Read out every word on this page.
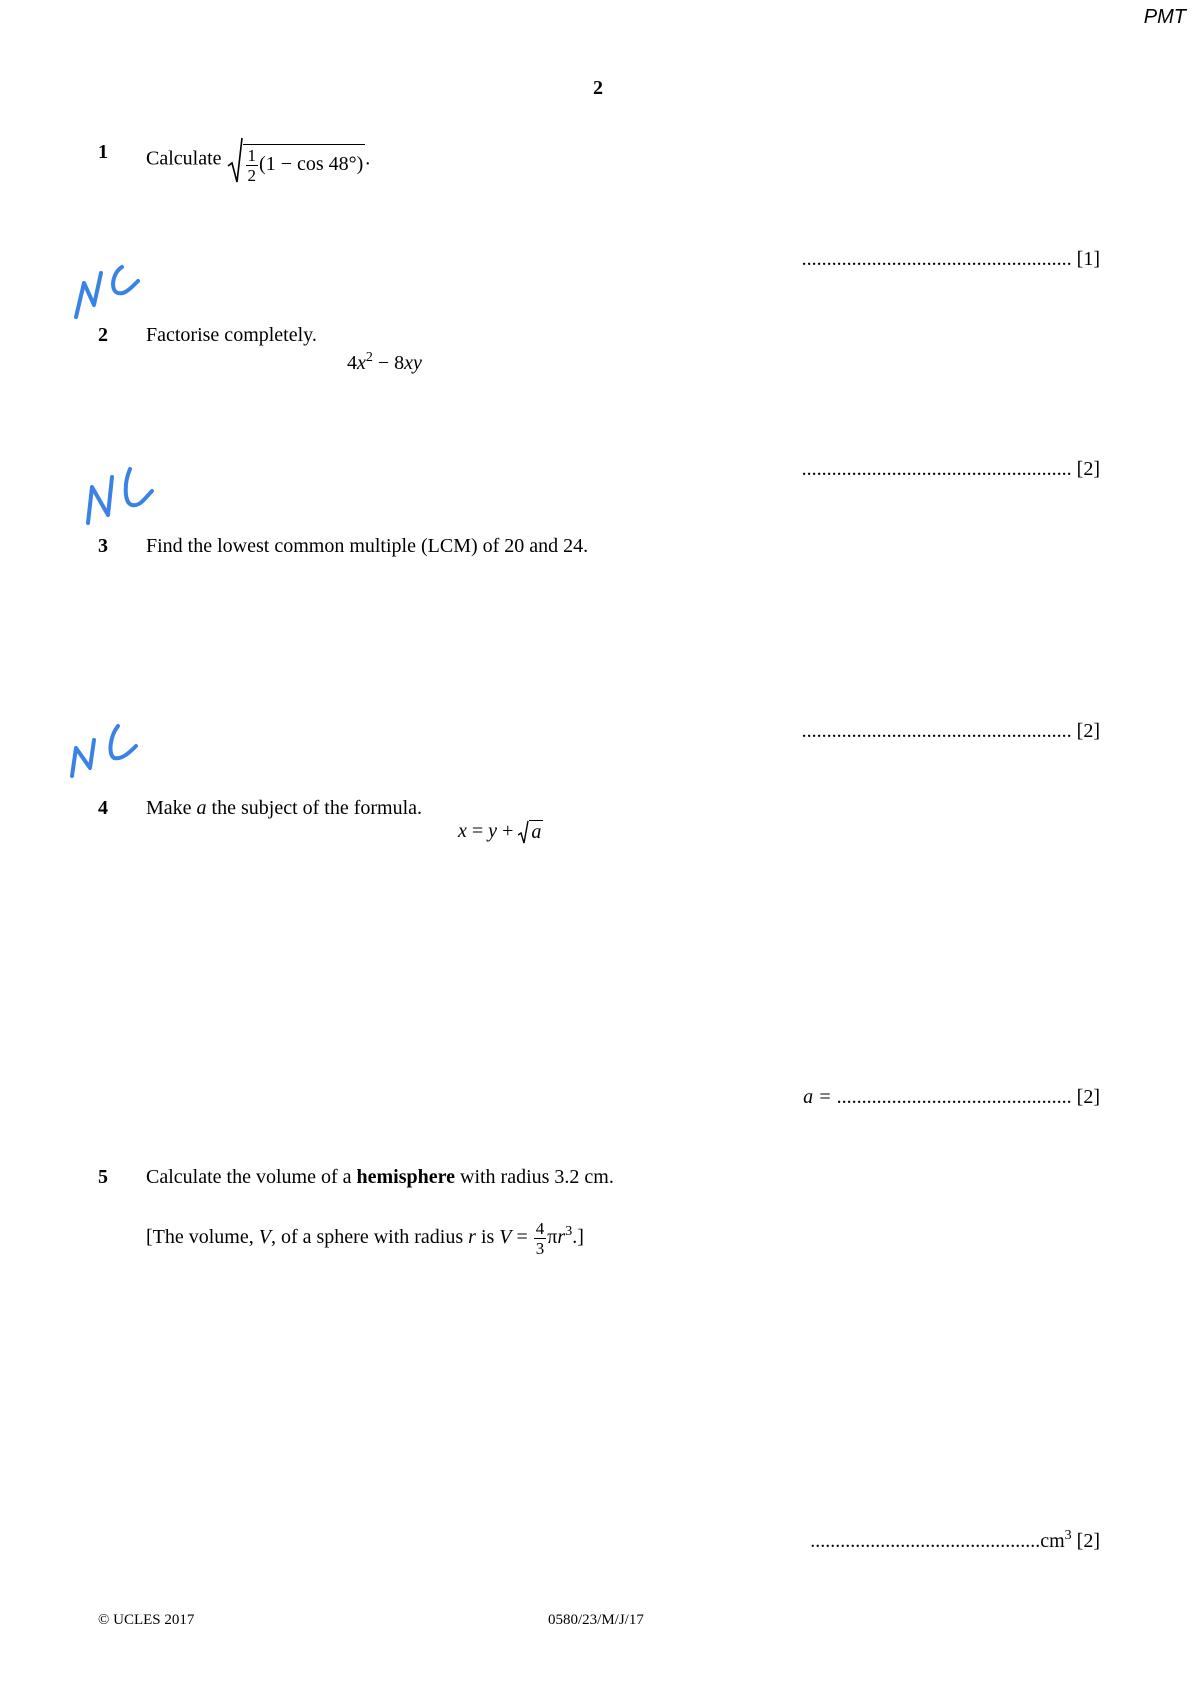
PMT
2
1 Calculate $\frac{1}{2} (1 - \cos 48^\circ)$ .
...................................................... [1]
2 Factorise completely.
$4x^2 - 8xy$
...................................................... [2]
3 Find the lowest common multiple (LCM) of 20 and 24.
...................................................... [2]
4 Make a the subject of the formula.
x = y + a
a = ............................................... [2]
5 Calculate the volume of a hemisphere with radius 3.2 cm.
[The volume, V, of a sphere with radius r is $V = \frac{4}{3} \pi r^3$.]
$..............................................cm^3$ [2]
© UCLES 2017	0580/23/M/J/17
